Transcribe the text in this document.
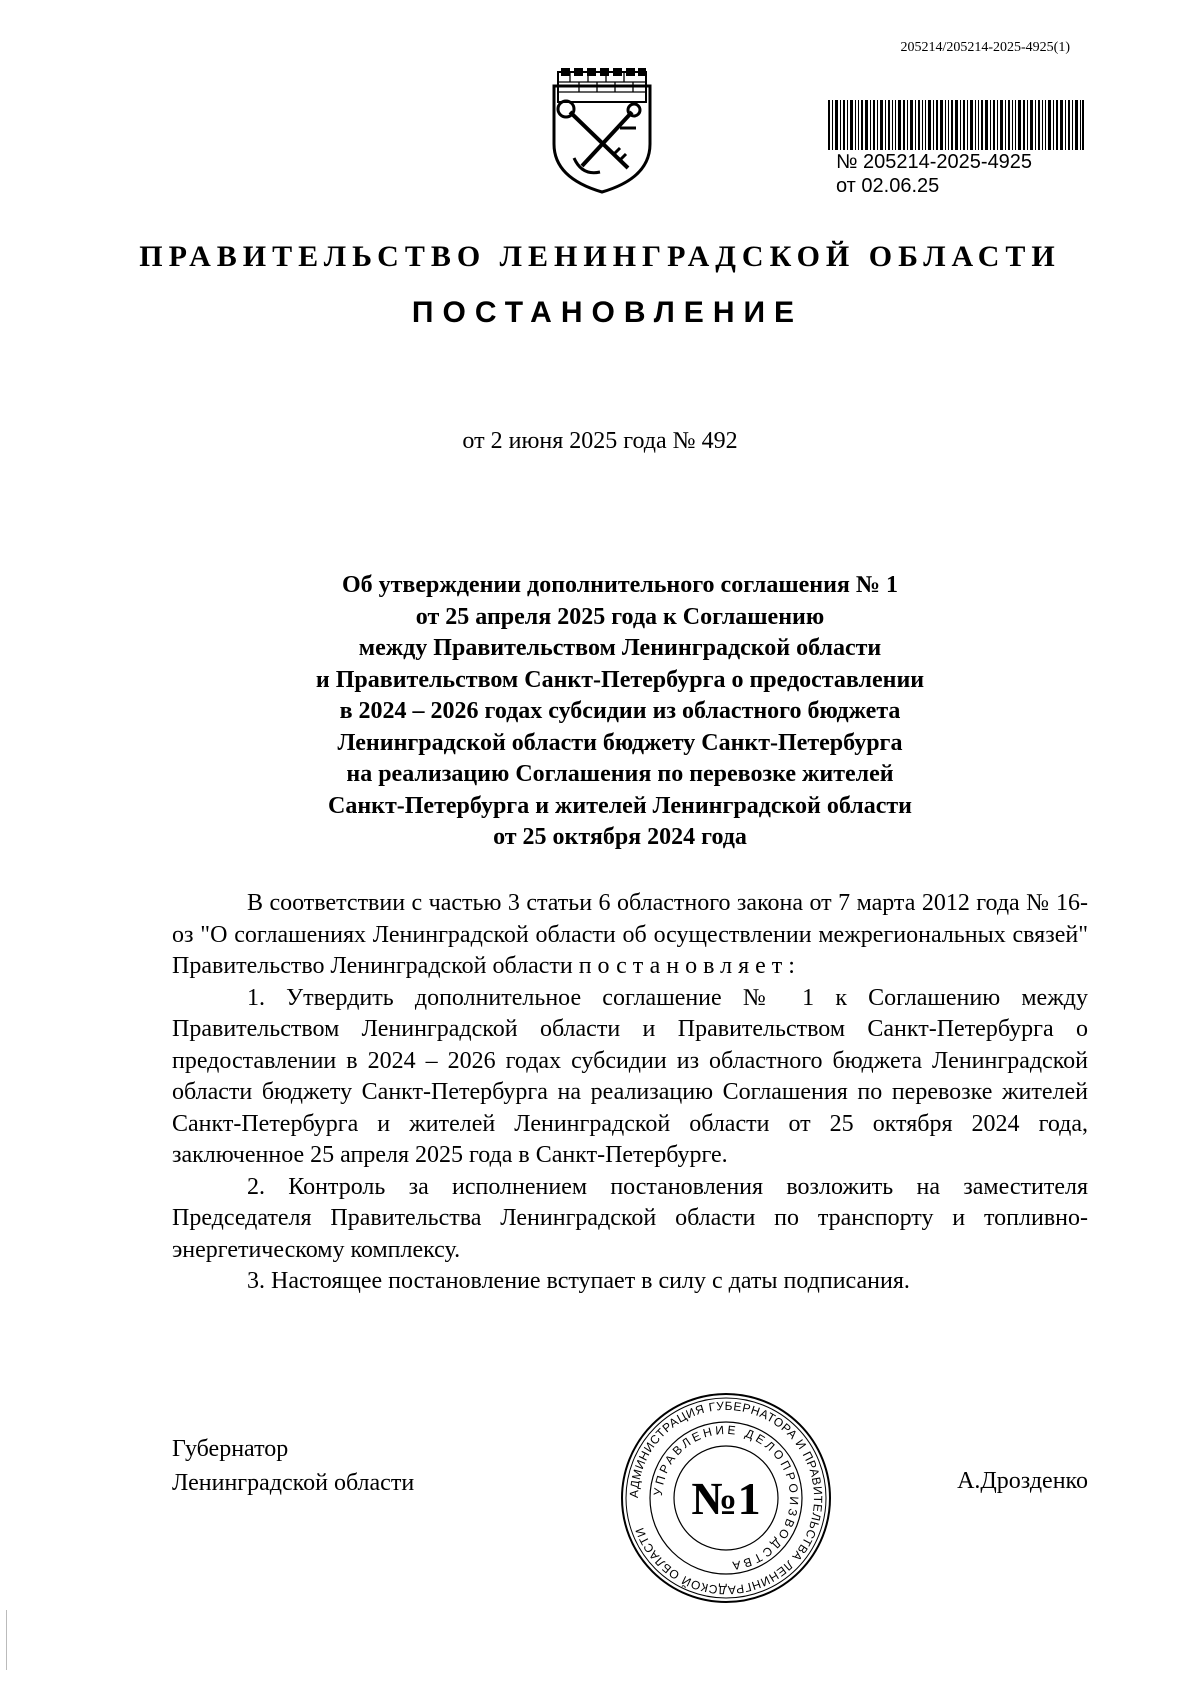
205214/205214-2025-4925(1)
№ 205214-2025-4925
от 02.06.25
ПРАВИТЕЛЬСТВО ЛЕНИНГРАДСКОЙ ОБЛАСТИ
ПОСТАНОВЛЕНИЕ
от 2 июня 2025 года № 492
Об утверждении дополнительного соглашения № 1
от 25 апреля 2025 года к Соглашению
между Правительством Ленинградской области
и Правительством Санкт-Петербурга о предоставлении
в 2024 – 2026 годах субсидии из областного бюджета
Ленинградской области бюджету Санкт-Петербурга
на реализацию Соглашения по перевозке жителей
Санкт-Петербурга и жителей Ленинградской области
от 25 октября 2024 года

В соответствии с частью 3 статьи 6 областного закона от 7 марта 2012 года № 16-оз "О соглашениях Ленинградской области об осуществлении межрегиональных связей" Правительство Ленинградской области постановляет:

1. Утвердить дополнительное соглашение № 1 к Соглашению между Правительством Ленинградской области и Правительством Санкт-Петербурга о предоставлении в 2024 – 2026 годах субсидии из областного бюджета Ленинградской области бюджету Санкт-Петербурга на реализацию Соглашения по перевозке жителей Санкт-Петербурга и жителей Ленинградской области от 25 октября 2024 года, заключенное 25 апреля 2025 года в Санкт-Петербурге.

2. Контроль за исполнением постановления возложить на заместителя Председателя Правительства Ленинградской области по транспорту и топливно-энергетическому комплексу.

3. Настоящее постановление вступает в силу с даты подписания.

Губернатор
Ленинградской области	А.Дрозденко
АДМИНИСТРАЦИЯ ГУБЕРНАТОРА И ПРАВИТЕЛЬСТВА ЛЕНИНГРАДСКОЙ ОБЛАСТИ
УПРАВЛЕНИЕ ДЕЛОПРОИЗВОДСТВА
№1
